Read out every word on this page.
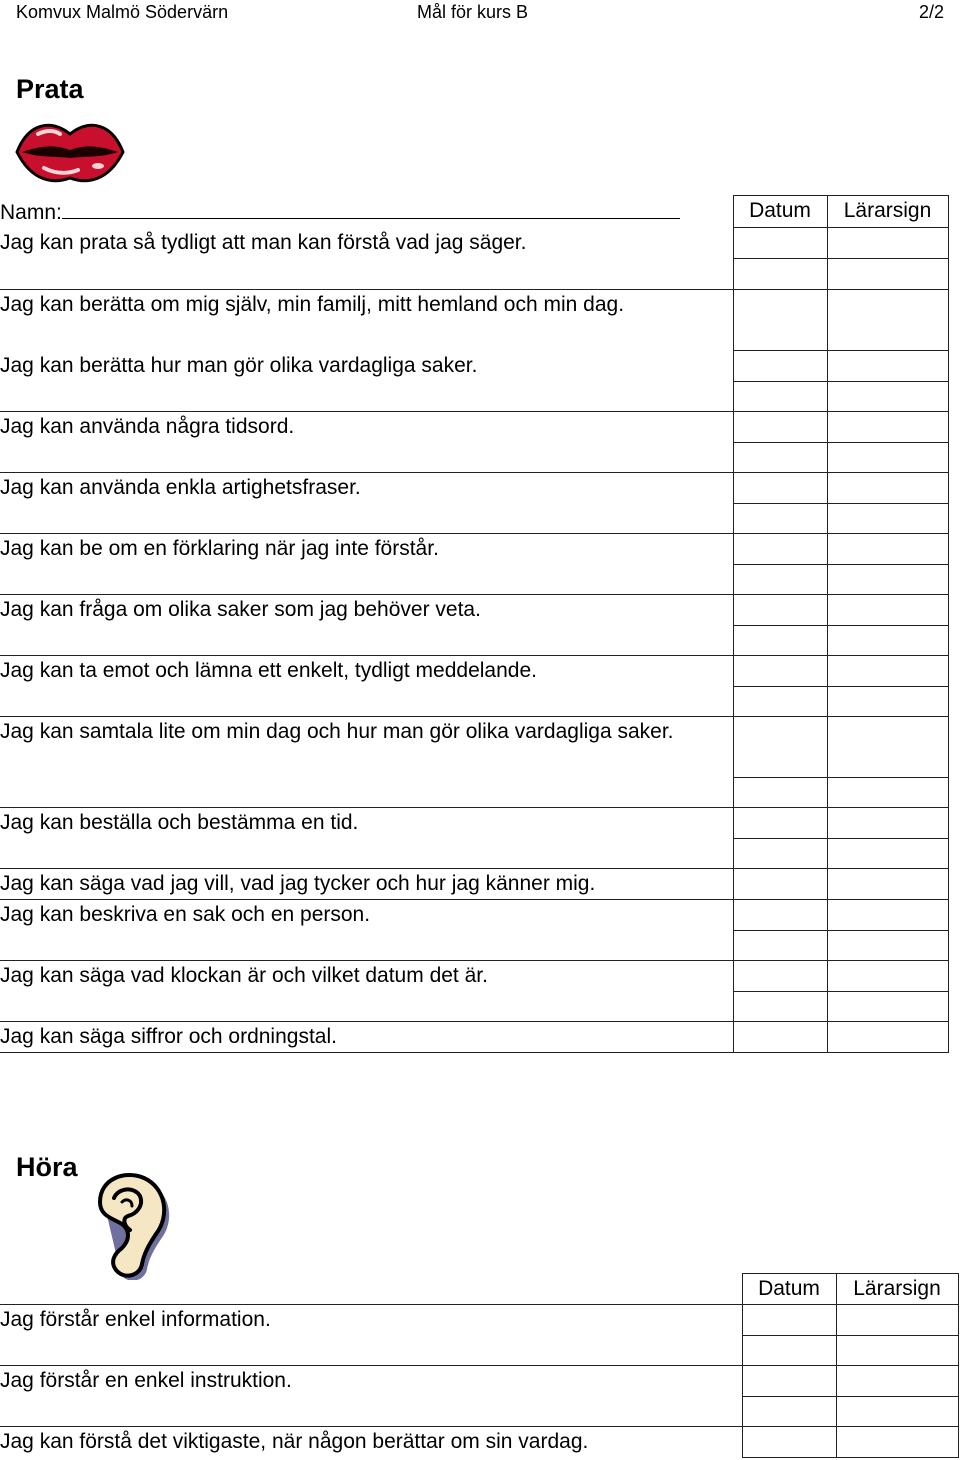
Komvux Malmö Södervärn	Mål för kurs B	2/2
Prata
Namn:	Datum	Lärarsign
Jag kan prata så tydligt att man kan förstå vad jag säger.		

Jag kan berätta om mig själv, min familj, mitt hemland och min dag.		
Jag kan berätta hur man gör olika vardagliga saker.		

Jag kan använda några tidsord.		

Jag kan använda enkla artighetsfraser.		

Jag kan be om en förklaring när jag inte förstår.		

Jag kan fråga om olika saker som jag behöver veta.		

Jag kan ta emot och lämna ett enkelt, tydligt meddelande.		

Jag kan samtala lite om min dag och hur man gör olika vardagliga saker.		

Jag kan beställa och bestämma en tid.		

Jag kan säga vad jag vill, vad jag tycker och hur jag känner mig.		
Jag kan beskriva en sak och en person.		

Jag kan säga vad klockan är och vilket datum det är.		

Jag kan säga siffror och ordningstal.		
Höra
	Datum	Lärarsign
Jag förstår enkel information.		

Jag förstår en enkel instruktion.		

Jag kan förstå det viktigaste, när någon berättar om sin vardag.		
